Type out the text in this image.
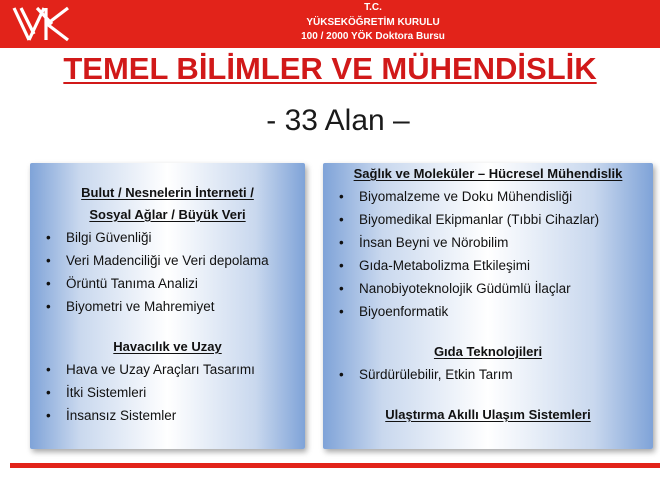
T.C.
YÜKSEKÖĞRETİM KURULU
100 / 2000 YÖK Doktora Bursu
TEMEL BİLİMLER VE MÜHENDİSLİK
- 33 Alan –
Bulut / Nesnelerin İnterneti /
Sosyal Ağlar / Büyük Veri
• Bilgi Güvenliği
• Veri Madenciliği ve Veri depolama
• Örüntü Tanıma Analizi
• Biyometri ve Mahremiyet
Havacılık ve Uzay
• Hava ve Uzay Araçları Tasarımı
• İtki Sistemleri
• İnsansız Sistemler
Sağlık ve Moleküler – Hücresel Mühendislik
• Biyomalzeme ve Doku Mühendisliği
• Biyomedikal Ekipmanlar (Tıbbi Cihazlar)
• İnsan Beyni ve Nörobilim
• Gıda-Metabolizma Etkileşimi
• Nanobiyoteknolojik Güdümlü İlaçlar
• Biyoenformatik
Gıda Teknolojileri
• Sürdürülebilir, Etkin Tarım
Ulaştırma Akıllı Ulaşım Sistemleri
